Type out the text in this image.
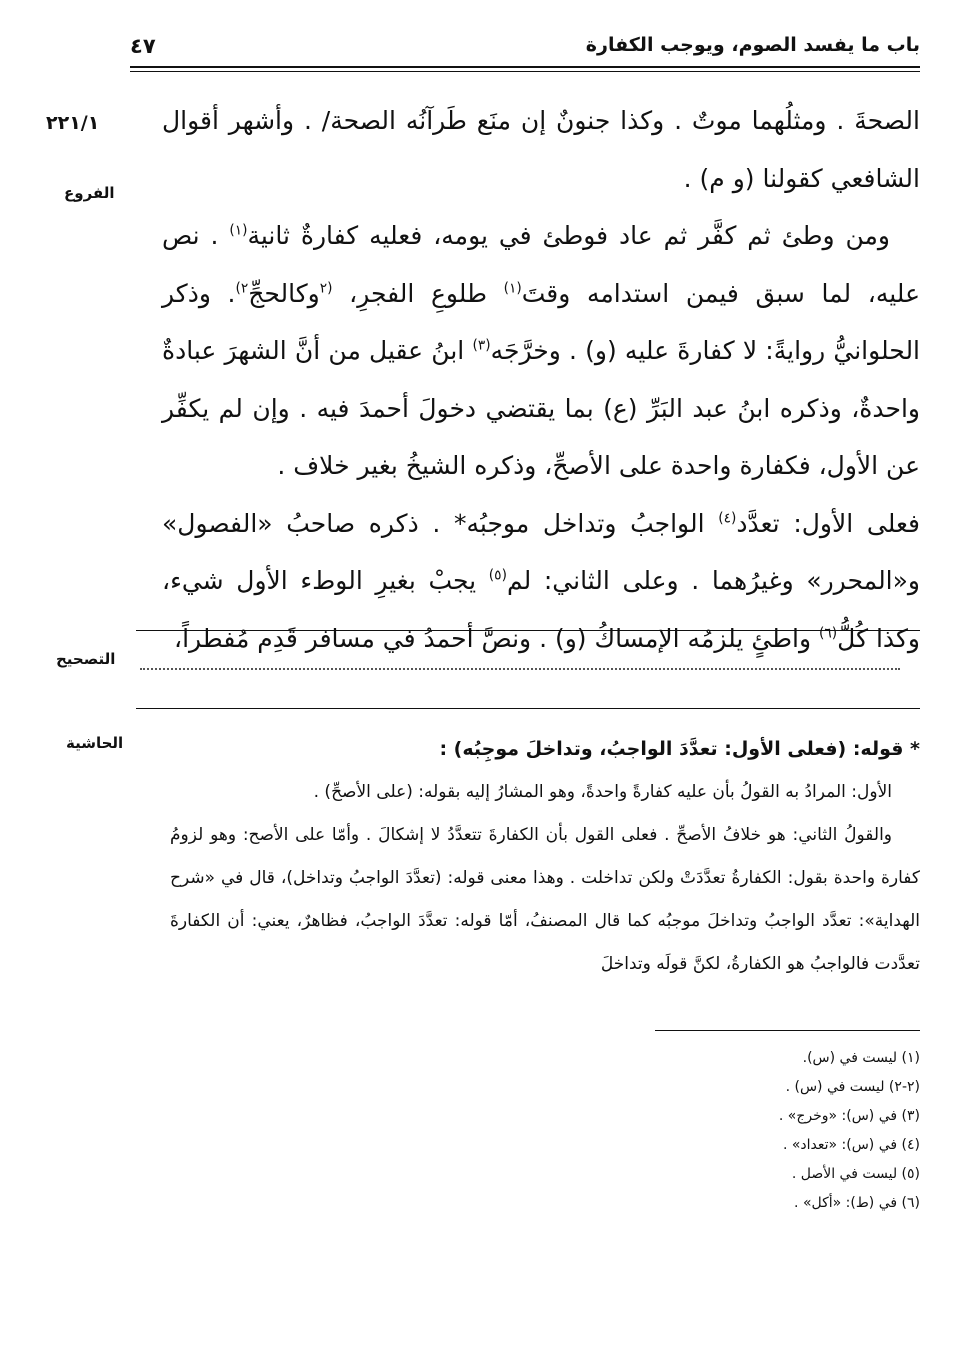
باب ما يفسد الصوم، ويوجب الكفارة
٤٧
٢٢١/١
الفروع
التصحيح
الحاشية

الصحةَ . ومثلُهما موتٌ . وكذا جنونٌ إن منَع طَرآنُه الصحة/ . وأشهر أقوال الشافعي كقولنا (و م) .

ومن وطئ ثم كفَّر ثم عاد فوطئ في يومه، فعليه كفارةٌ ثانية$^{(١)}$ . نص عليه، لما سبق فيمن استدامه وقتَ$^{(١)}$ طلوعِ الفجرِ، $^{(٢}$وكالحجِّ$^{٢)}$. وذكر الحلوانيُّ روايةً: لا كفارةَ عليه (و) . وخرَّجَه$^{(٣)}$ ابنُ عقيل من أنَّ الشهرَ عبادةٌ واحدةٌ، وذكره ابنُ عبد البَرِّ (ع) بما يقتضي دخولَ أحمدَ فيه . وإن لم يكفِّر عن الأول، فكفارة واحدة على الأصحِّ، وذكره الشيخُ بغير خلاف .

فعلى الأول: تعدَّد$^{(٤)}$ الواجبُ وتداخل موجبُه* . ذكره صاحبُ «الفصول» و«المحرر» وغيرُهما . وعلى الثاني: لم$^{(٥)}$ يجبْ بغيرِ الوطء الأول شيء، وكذا كُلُّ$^{(٦)}$ واطئٍ يلزمُه الإمساكُ (و) . ونصَّ أحمدُ في مسافر قَدِم مُفطراً،

* قوله: (فعلى الأول: تعدَّدَ الواجبُ، وتداخلَ موجِبُه) :

الأول: المرادُ به القولُ بأن عليه كفارةً واحدةً، وهو المشارُ إليه بقوله: (على الأصحِّ) .

والقولُ الثاني: هو خلافُ الأصحِّ . فعلى القول بأن الكفارةَ تتعدَّدُ لا إشكالَ . وأمّا على الأصح: وهو لزومُ كفارة واحدة بقول: الكفارةُ تعدَّدَتْ ولكن تداخلت . وهذا معنى قوله: (تعدَّدَ الواجبُ وتداخل)، قال في «شرح الهداية»: تعدَّد الواجبُ وتداخلَ موجبُه كما قال المصنفُ، أمّا قوله: تعدَّدَ الواجبُ، فظاهرٌ، يعني: أن الكفارةَ تعدَّدت فالواجبُ هو الكفارةُ، لكنَّ قولَه وتداخلَ

(١) ليست في (س).
(٢-٢) ليست في (س) .
(٣) في (س): «وخرج» .
(٤) في (س): «تعداد» .
(٥) ليست في الأصل .
(٦) في (ط): «أكل» .
